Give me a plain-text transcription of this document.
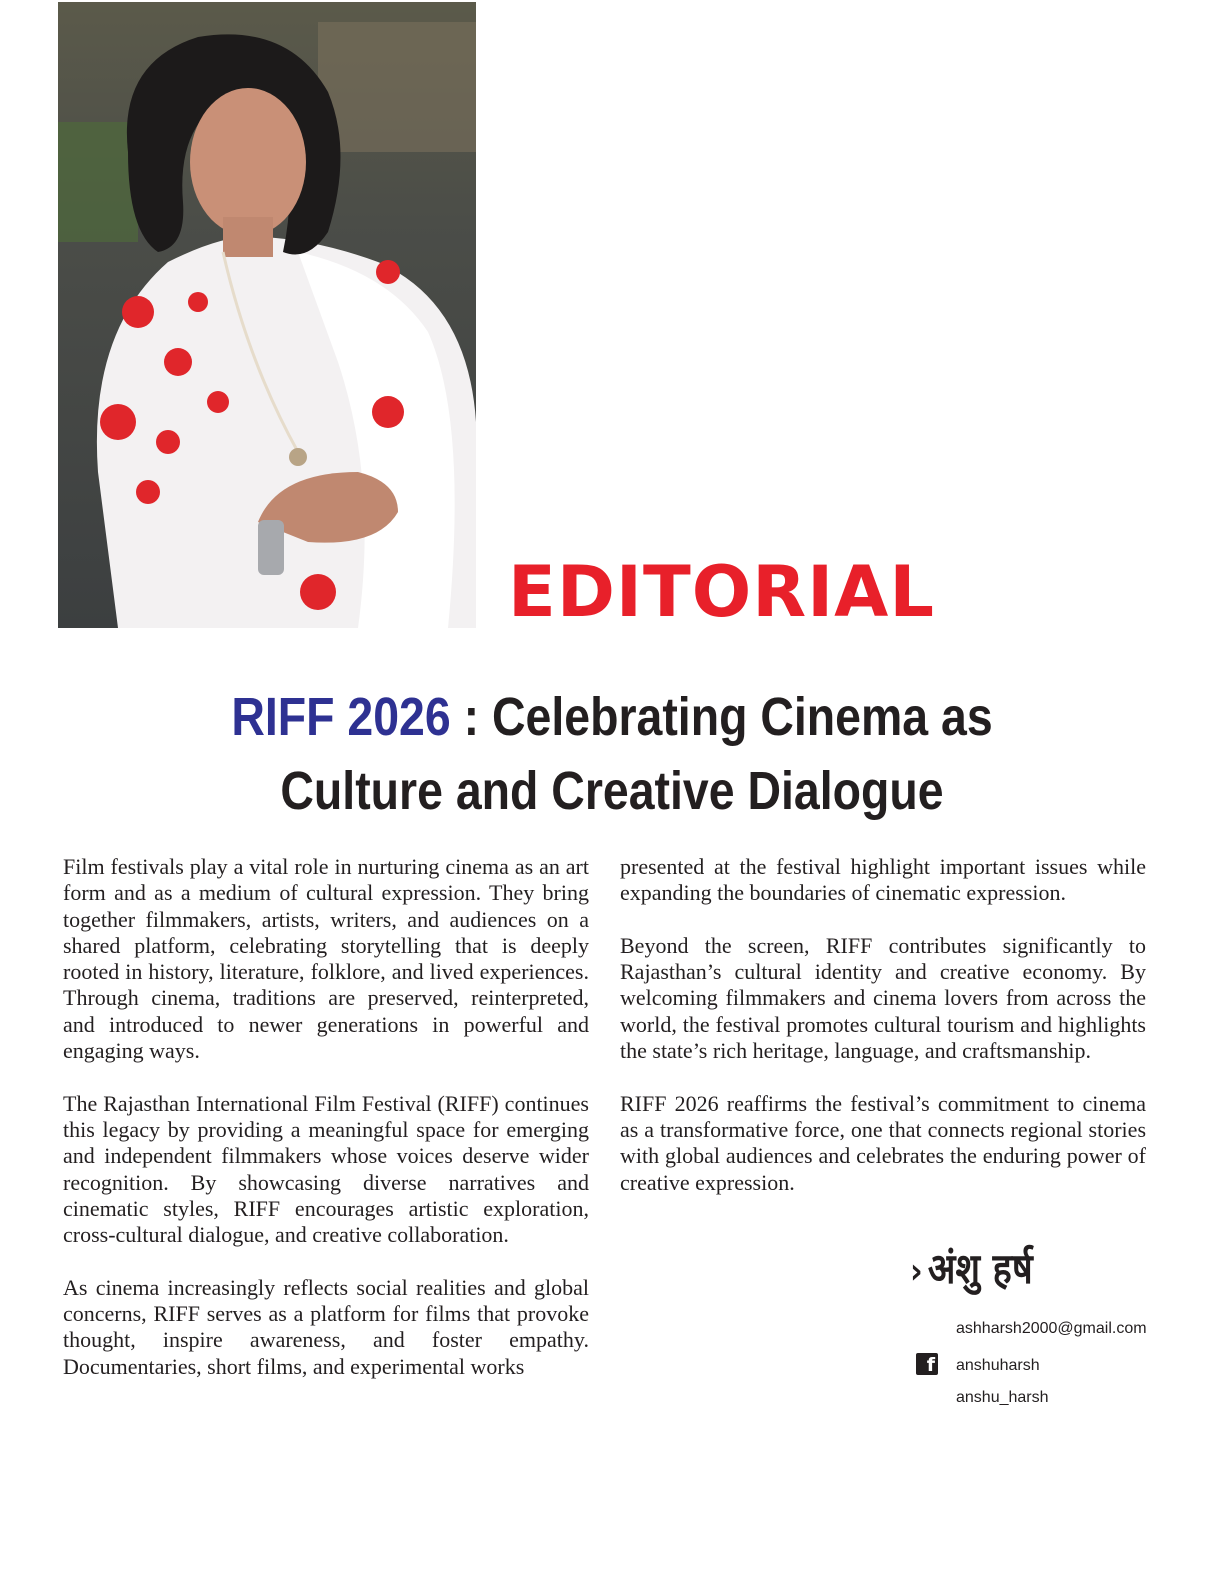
EDITORIAL
RIFF 2026 : Celebrating Cinema as
Culture and Creative Dialogue

Film festivals play a vital role in nurturing cinema as an art form and as a medium of cultural expression. They bring together filmmakers, artists, writers, and audiences on a shared platform, celebrating storytelling that is deeply rooted in history, literature, folklore, and lived experiences. Through cinema, traditions are preserved, reinterpreted, and introduced to newer generations in powerful and engaging ways.

The Rajasthan International Film Festival (RIFF) continues this legacy by providing a meaningful space for emerging and independent filmmakers whose voices deserve wider recognition. By showcasing diverse narratives and cinematic styles, RIFF encourages artistic exploration, cross-cultural dialogue, and creative collaboration.

As cinema increasingly reflects social realities and global concerns, RIFF serves as a platform for films that provoke thought, inspire awareness, and foster empathy. Documentaries, short films, and experimental works

presented at the festival highlight important issues while expanding the boundaries of cinematic expression.

Beyond the screen, RIFF contributes significantly to Rajasthan’s cultural identity and creative economy. By welcoming filmmakers and cinema lovers from across the world, the festival promotes cultural tourism and highlights the state’s rich heritage, language, and craftsmanship.

RIFF 2026 reaffirms the festival’s commitment to cinema as a transformative force, one that connects regional stories with global audiences and celebrates the enduring power of creative expression.

› अंशु हर्ष
ashharsh2000@gmail.com
f anshuharsh
anshu_harsh
